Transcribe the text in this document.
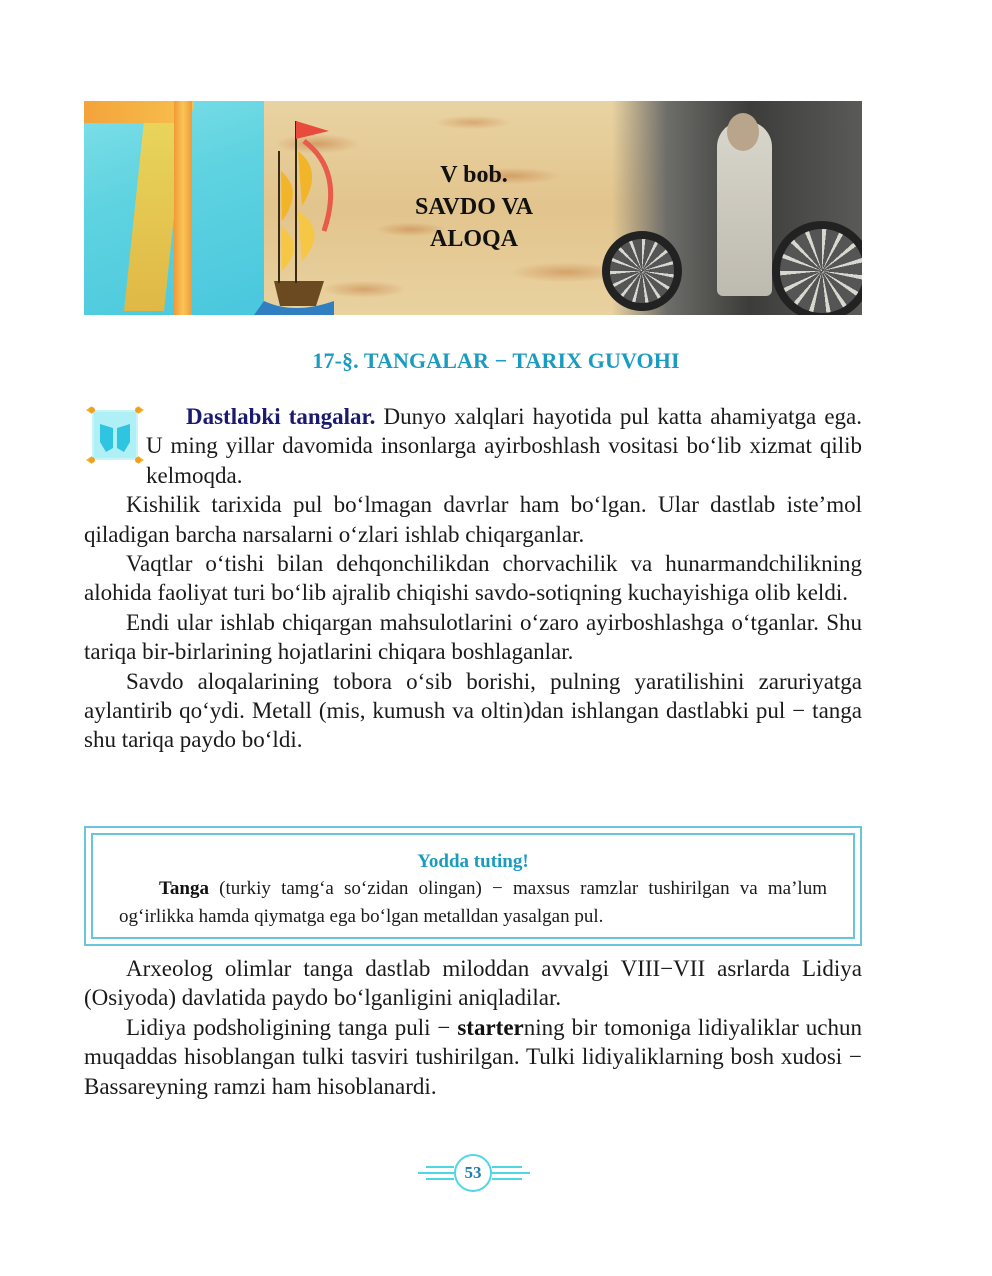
V bob.
SAVDO VA
ALOQA
17-§. TANGALAR − TARIX GUVOHI

Dastlabki tangalar. Dunyo xalqlari hayotida pul katta ahamiyatga ega. U ming yillar davomida insonlarga ayirboshlash vositasi bo‘lib xizmat qilib kelmoqda.

Kishilik tarixida pul bo‘lmagan davrlar ham bo‘lgan. Ular dastlab iste’mol qiladigan barcha narsalarni o‘zlari ishlab chiqarganlar.

Vaqtlar o‘tishi bilan dehqonchilikdan chorvachilik va hunarmandchilikning alohida faoliyat turi bo‘lib ajralib chiqishi savdo-sotiqning kuchayishiga olib keldi.

Endi ular ishlab chiqargan mahsulotlarini o‘zaro ayirboshlashga o‘tganlar. Shu tariqa bir-birlarining hojatlarini chiqara boshlaganlar.

Savdo aloqalarining tobora o‘sib borishi, pulning yaratilishini zaruriyatga aylantirib qo‘ydi. Metall (mis, kumush va oltin)dan ishlangan dastlabki pul − tanga shu tariqa paydo bo‘ldi.

Yodda tuting!

Tanga (turkiy tamg‘a so‘zidan olingan) − maxsus ramzlar tushirilgan va ma’lum og‘irlikka hamda qiymatga ega bo‘lgan metalldan yasalgan pul.

Arxeolog olimlar tanga dastlab miloddan avvalgi VIII−VII asrlarda Lidiya (Osiyoda) davlatida paydo bo‘lganligini aniqladilar.

Lidiya podsholigining tanga puli − starterning bir tomoniga lidiyaliklar uchun muqaddas hisoblangan tulki tasviri tushirilgan. Tulki lidiyaliklarning bosh xudosi − Bassareyning ramzi ham hisoblanardi.

53
